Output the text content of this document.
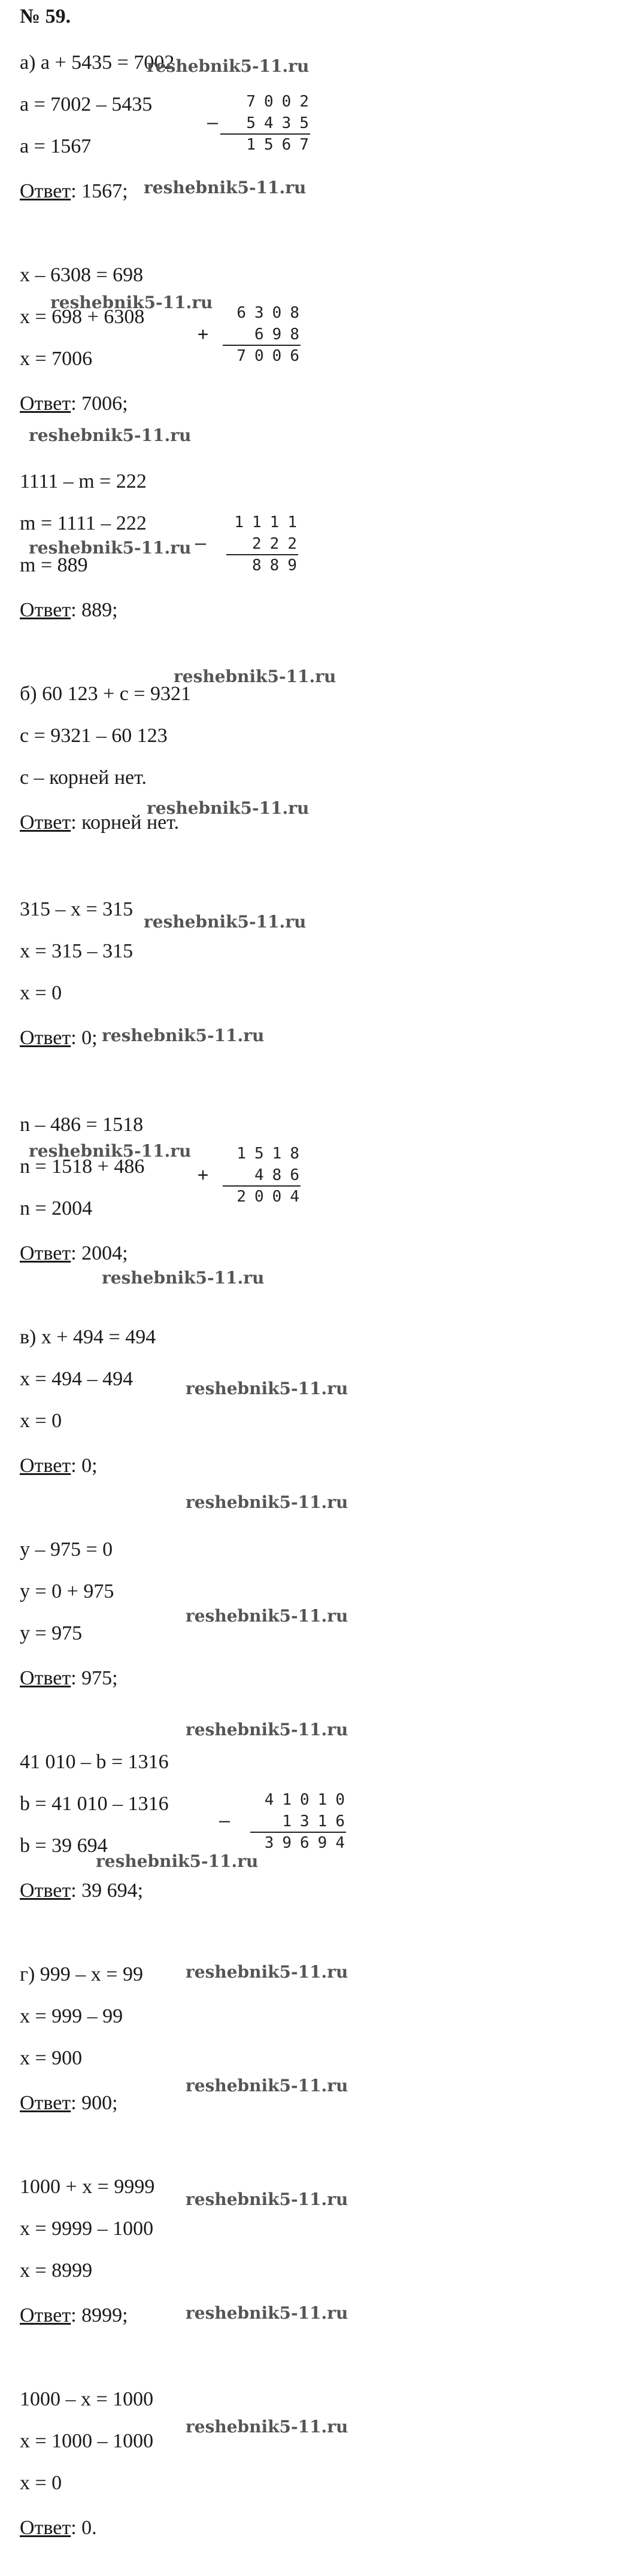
№ 59.
а) a + 5435 = 7002
a = 7002 – 5435
a = 1567
Ответ: 1567;
–
7002
5435
1567
x – 6308 = 698
x = 698 + 6308
x = 7006
Ответ: 7006;
+
6308
698
7006
1111 – m = 222
m = 1111 – 222
m = 889
Ответ: 889;
–
1111
222
889
б) 60 123 + c = 9321
c = 9321 – 60 123
c – корней нет.
Ответ: корней нет.
315 – x = 315
x = 315 – 315
x = 0
Ответ: 0;
n – 486 = 1518
n = 1518 + 486
n = 2004
Ответ: 2004;
+
1518
486
2004
в) x + 494 = 494
x = 494 – 494
x = 0
Ответ: 0;
y – 975 = 0
y = 0 + 975
y = 975
Ответ: 975;
41 010 – b = 1316
b = 41 010 – 1316
b = 39 694
Ответ: 39 694;
–
41010
1316
39694
г) 999 – x = 99
x = 999 – 99
x = 900
Ответ: 900;
1000 + x = 9999
x = 9999 – 1000
x = 8999
Ответ: 8999;
1000 – x = 1000
x = 1000 – 1000
x = 0
Ответ: 0.
reshebnik5-11.ru
reshebnik5-11.ru
reshebnik5-11.ru
reshebnik5-11.ru
reshebnik5-11.ru
reshebnik5-11.ru
reshebnik5-11.ru
reshebnik5-11.ru
reshebnik5-11.ru
reshebnik5-11.ru
reshebnik5-11.ru
reshebnik5-11.ru
reshebnik5-11.ru
reshebnik5-11.ru
reshebnik5-11.ru
reshebnik5-11.ru
reshebnik5-11.ru
reshebnik5-11.ru
reshebnik5-11.ru
reshebnik5-11.ru
reshebnik5-11.ru
